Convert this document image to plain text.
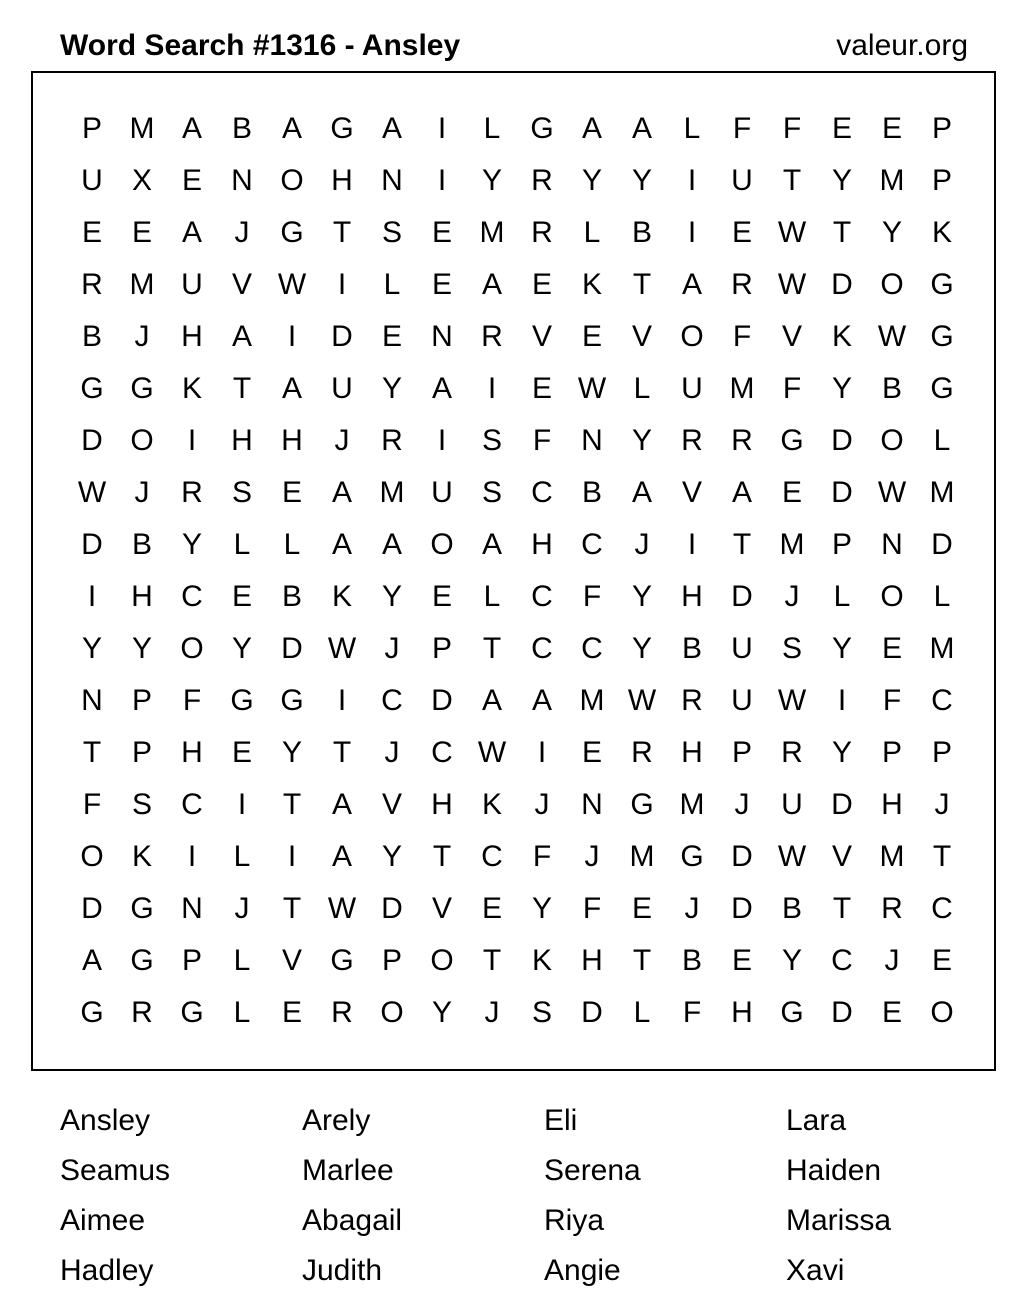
Word Search #1316 - Ansley	valeur.org
P M A B A G A	I	L G A A	L	F	F	E E P
U X E N O H N	I	Y R Y Y	I	U	T	Y M P
E E A	J	G T	S E M R	L	B	I	E W T	Y K
R M U V W	I	L	E A E K	T	A R W D O G
B	J	H A	I	D E N R V E V O F	V K W G
G G K	T	A U Y A	I	E W L	U M F	Y B G
D O	I	H H	J	R	I	S	F	N Y R R G D O L
W J	R S E A M U S C B A V A E D W M
D B Y	L	L	A A O A H C	J	I	T M P N D
I	H C E B K Y E	L	C	F	Y H D	J	L O L
Y Y O Y D W J	P	T	C C Y B U S Y E M
N P	F G G	I	C D A A M W R U W	I	F	C
T	P H E Y	T	J	C W	I	E R H P R Y P P
F	S C	I	T	A V H K	J	N G M	J	U D H	J
O K	I	L	I	A Y	T	C	F	J	M G D W V M T
D G N	J	T W D V E Y	F	E	J	D B	T	R C
A G P	L	V G P O T	K H	T	B E Y C	J	E
G R G L	E R O Y	J	S D	L	F	H G D E O
Ansley	Arely	Eli	Lara
Seamus	Marlee	Serena	Haiden
Aimee	Abagail	Riya	Marissa
Hadley	Judith	Angie	Xavi
